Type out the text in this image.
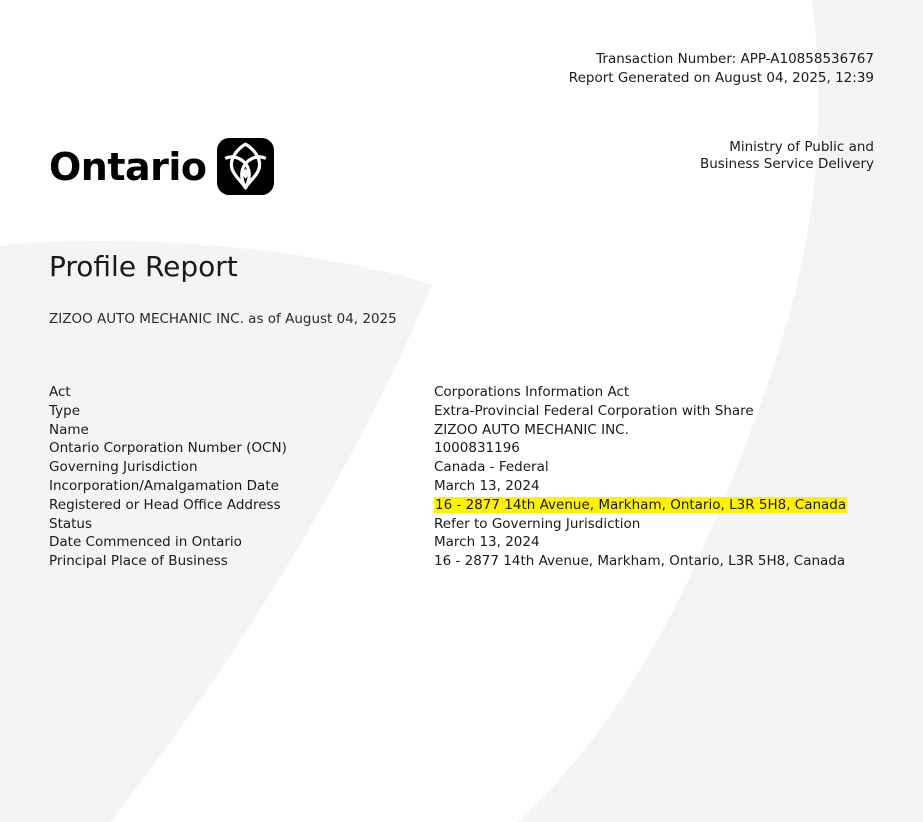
Transaction Number: APP-A10858536767
Report Generated on August 04, 2025, 12:39
Ministry of Public and
Business Service Delivery
Ontario
Profile Report
ZIZOO AUTO MECHANIC INC. as of August 04, 2025
Act	Corporations Information Act
Type	Extra-Provincial Federal Corporation with Share
Name	ZIZOO AUTO MECHANIC INC.
Ontario Corporation Number (OCN)	1000831196
Governing Jurisdiction	Canada - Federal
Incorporation/Amalgamation Date	March 13, 2024
Registered or Head Office Address	16 - 2877 14th Avenue, Markham, Ontario, L3R 5H8, Canada
Status	Refer to Governing Jurisdiction
Date Commenced in Ontario	March 13, 2024
Principal Place of Business	16 - 2877 14th Avenue, Markham, Ontario, L3R 5H8, Canada
